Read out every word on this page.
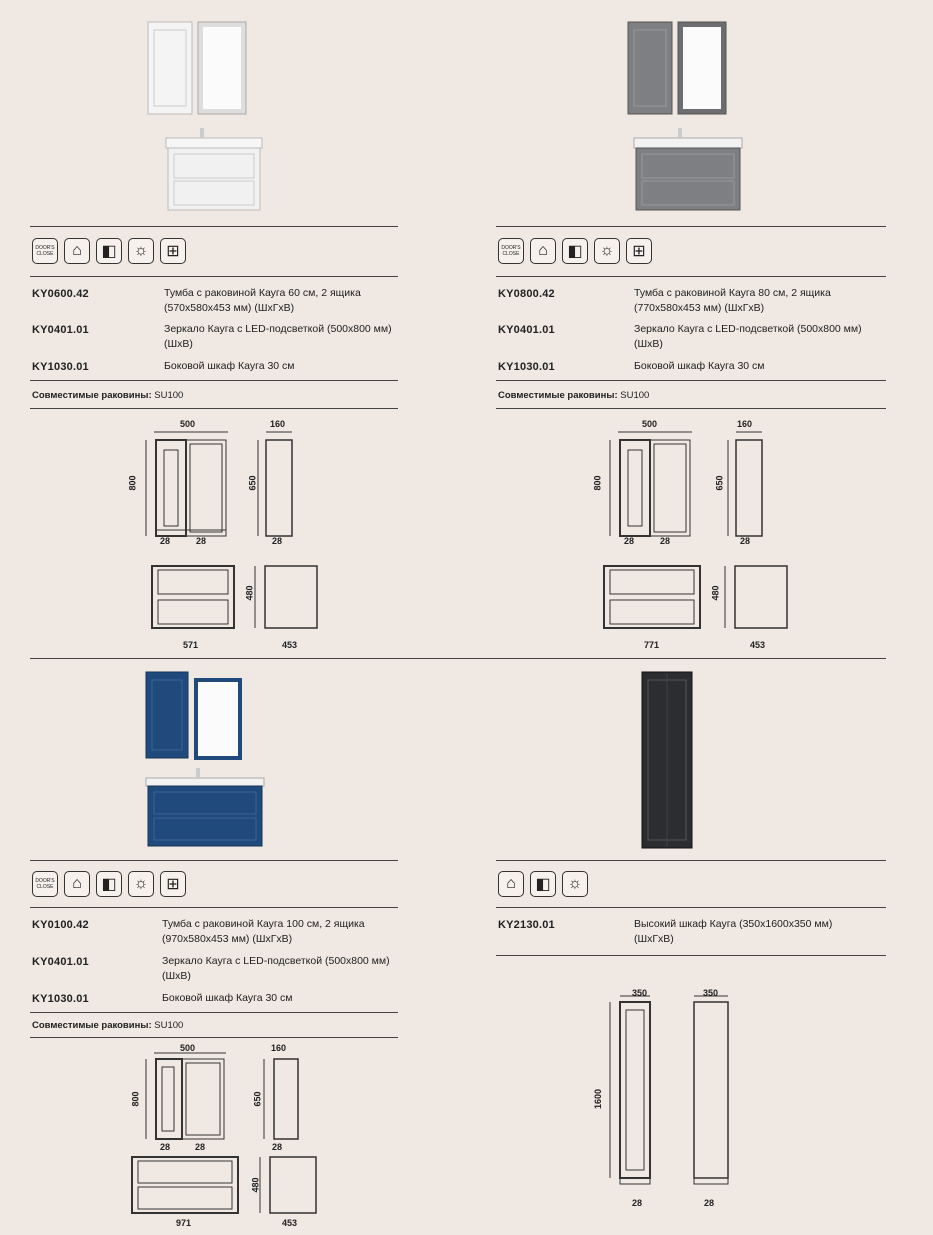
DOOR'S CLOSE	⌂	◧	☼	⊞
KY0600.42	Тумба с раковиной Кауга 60 см, 2 ящика (570х580х453 мм) (ШхГхВ)
KY0401.01	Зеркало Кауга с LED-подсветкой (500х800 мм) (ШхВ)
KY1030.01	Боковой шкаф Кауга 30 см
Совместимые раковины: SU100
500	160
800	650
28	28	28
480
571	453
DOOR'S CLOSE	⌂	◧	☼	⊞
KY0800.42	Тумба с раковиной Кауга 80 см, 2 ящика (770х580х453 мм) (ШхГхВ)
KY0401.01	Зеркало Кауга с LED-подсветкой (500х800 мм) (ШхВ)
KY1030.01	Боковой шкаф Кауга 30 см
Совместимые раковины: SU100
500	160
800	650
28	28	28
480
771	453
DOOR'S CLOSE	⌂	◧	☼	⊞
KY0100.42	Тумба с раковиной Кауга 100 см, 2 ящика (970х580х453 мм) (ШхГхВ)
KY0401.01	Зеркало Кауга с LED-подсветкой (500х800 мм) (ШхВ)
KY1030.01	Боковой шкаф Кауга 30 см
Совместимые раковины: SU100
500	160
800	650
28	28	28
480
971	453
⌂	◧	☼
KY2130.01	Высокий шкаф Кауга (350х1600х350 мм) (ШхГхВ)
350	350
1600
28	28
